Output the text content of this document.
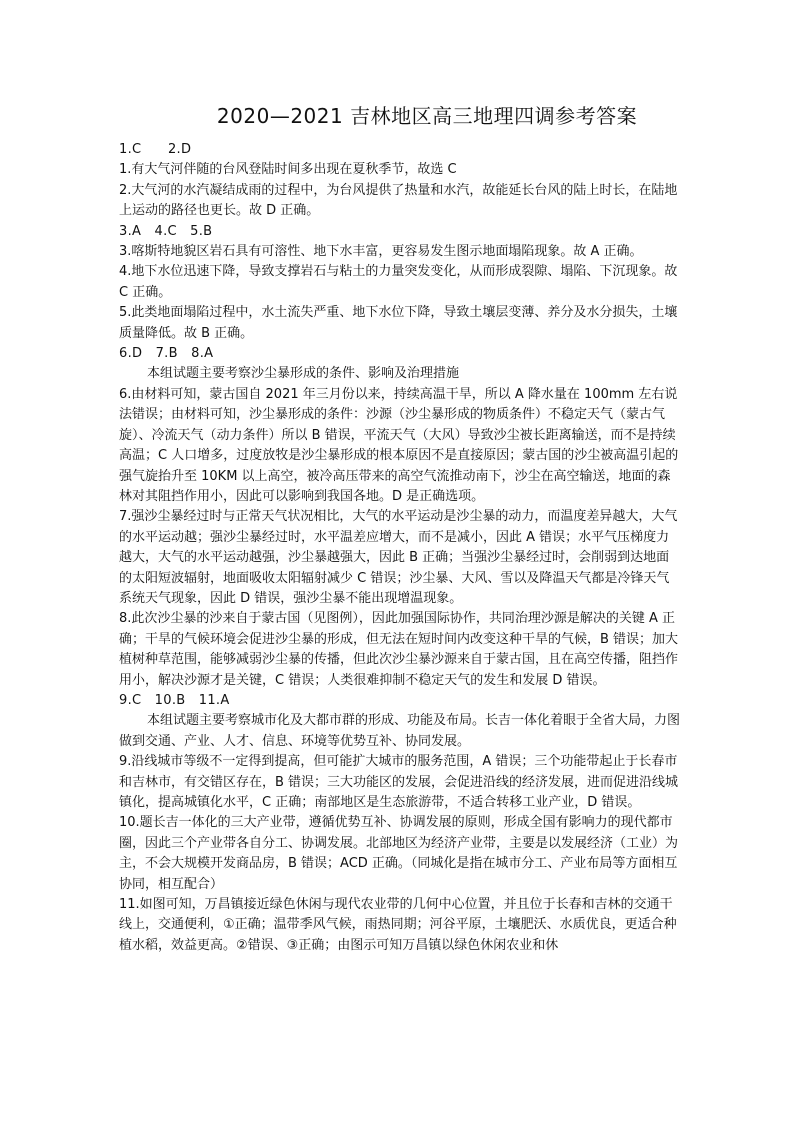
2020—2021 吉林地区高三地理四调参考答案

1.C　　2.D

1.有大气河伴随的台风登陆时间多出现在夏秋季节，故选 C

2.大气河的水汽凝结成雨的过程中，为台风提供了热量和水汽，故能延长台风的陆上时长，在陆地上运动的路径也更长。故 D 正确。

3.A　4.C　5.B

3.喀斯特地貌区岩石具有可溶性、地下水丰富，更容易发生图示地面塌陷现象。故 A 正确。

4.地下水位迅速下降，导致支撑岩石与粘土的力量突发变化，从而形成裂隙、塌陷、下沉现象。故 C 正确。

5.此类地面塌陷过程中，水土流失严重、地下水位下降，导致土壤层变薄、养分及水分损失，土壤质量降低。故 B 正确。

6.D　7.B　8.A

本组试题主要考察沙尘暴形成的条件、影响及治理措施

6.由材料可知，蒙古国自 2021 年三月份以来，持续高温干旱，所以 A 降水量在 100mm 左右说法错误；由材料可知，沙尘暴形成的条件：沙源（沙尘暴形成的物质条件）不稳定天气（蒙古气旋）、冷流天气（动力条件）所以 B 错误，平流天气（大风）导致沙尘被长距离输送，而不是持续高温；C 人口增多，过度放牧是沙尘暴形成的根本原因不是直接原因；蒙古国的沙尘被高温引起的强气旋抬升至 10KM 以上高空，被冷高压带来的高空气流推动南下，沙尘在高空输送，地面的森林对其阻挡作用小，因此可以影响到我国各地。D 是正确选项。

7.强沙尘暴经过时与正常天气状况相比，大气的水平运动是沙尘暴的动力，而温度差异越大，大气的水平运动越；强沙尘暴经过时，水平温差应增大，而不是减小，因此 A 错误；水平气压梯度力越大，大气的水平运动越强，沙尘暴越强大，因此 B 正确；当强沙尘暴经过时，会削弱到达地面的太阳短波辐射，地面吸收太阳辐射减少 C 错误；沙尘暴、大风、雪以及降温天气都是冷锋天气系统天气现象，因此 D 错误，强沙尘暴不能出现增温现象。

8.此次沙尘暴的沙来自于蒙古国（见图例），因此加强国际协作，共同治理沙源是解决的关键 A 正确；干旱的气候环境会促进沙尘暴的形成，但无法在短时间内改变这种干旱的气候，B 错误；加大植树种草范围，能够减弱沙尘暴的传播，但此次沙尘暴沙源来自于蒙古国，且在高空传播，阻挡作用小，解决沙源才是关键，C 错误；人类很难抑制不稳定天气的发生和发展 D 错误。

9.C　10.B　11.A

本组试题主要考察城市化及大都市群的形成、功能及布局。长吉一体化着眼于全省大局，力图做到交通、产业、人才、信息、环境等优势互补、协同发展。

9.沿线城市等级不一定得到提高，但可能扩大城市的服务范围，A 错误；三个功能带起止于长春市和吉林市，有交错区存在，B 错误；三大功能区的发展，会促进沿线的经济发展，进而促进沿线城镇化，提高城镇化水平，C 正确；南部地区是生态旅游带，不适合转移工业产业，D 错误。

10.题长吉一体化的三大产业带，遵循优势互补、协调发展的原则，形成全国有影响力的现代都市圈，因此三个产业带各自分工、协调发展。北部地区为经济产业带，主要是以发展经济（工业）为主，不会大规模开发商品房，B 错误；ACD 正确。（同城化是指在城市分工、产业布局等方面相互协同，相互配合）

11.如图可知，万昌镇接近绿色休闲与现代农业带的几何中心位置，并且位于长春和吉林的交通干线上，交通便利，①正确；温带季风气候，雨热同期；河谷平原，土壤肥沃、水质优良，更适合种植水稻，效益更高。②错误、③正确；由图示可知万昌镇以绿色休闲农业和休
